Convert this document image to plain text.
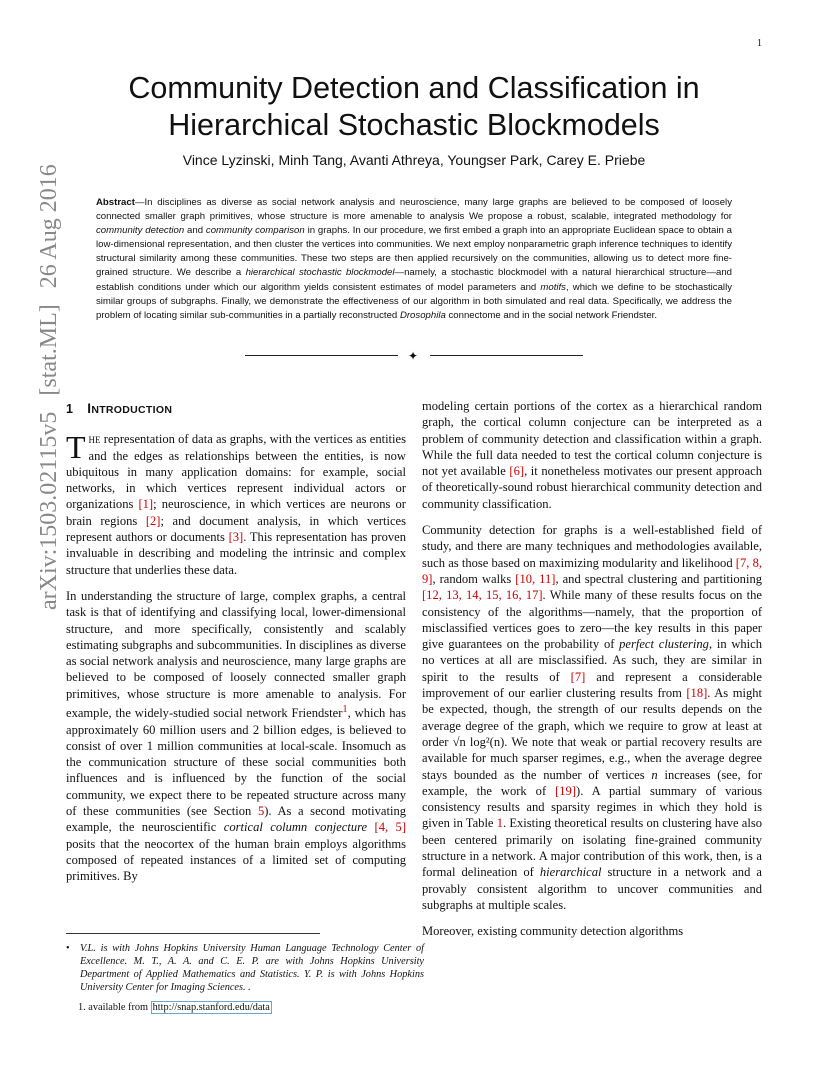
1
arXiv:1503.02115v5 [stat.ML] 26 Aug 2016
Community Detection and Classification in
Hierarchical Stochastic Blockmodels
Vince Lyzinski, Minh Tang, Avanti Athreya, Youngser Park, Carey E. Priebe

Abstract—In disciplines as diverse as social network analysis and neuroscience, many large graphs are believed to be composed of loosely connected smaller graph primitives, whose structure is more amenable to analysis We propose a robust, scalable, integrated methodology for community detection and community comparison in graphs. In our procedure, we first embed a graph into an appropriate Euclidean space to obtain a low-dimensional representation, and then cluster the vertices into communities. We next employ nonparametric graph inference techniques to identify structural similarity among these communities. These two steps are then applied recursively on the communities, allowing us to detect more fine-grained structure. We describe a hierarchical stochastic blockmodel—namely, a stochastic blockmodel with a natural hierarchical structure—and establish conditions under which our algorithm yields consistent estimates of model parameters and motifs, which we define to be stochastically similar groups of subgraphs. Finally, we demonstrate the effectiveness of our algorithm in both simulated and real data. Specifically, we address the problem of locating similar sub-communities in a partially reconstructed Drosophila connectome and in the social network Friendster.

✦
1 INTRODUCTION

The representation of data as graphs, with the vertices as entities and the edges as relationships between the entities, is now ubiquitous in many application domains: for example, social networks, in which vertices represent individual actors or organizations [1]; neuroscience, in which vertices are neurons or brain regions [2]; and document analysis, in which vertices represent authors or documents [3]. This representation has proven invaluable in describing and modeling the intrinsic and complex structure that underlies these data.

In understanding the structure of large, complex graphs, a central task is that of identifying and classifying local, lower-dimensional structure, and more specifically, consistently and scalably estimating subgraphs and subcommunities. In disciplines as diverse as social network analysis and neuroscience, many large graphs are believed to be composed of loosely connected smaller graph primitives, whose structure is more amenable to analysis. For example, the widely-studied social network Friendster$^1$, which has approximately 60 million users and 2 billion edges, is believed to consist of over 1 million communities at local-scale. Insomuch as the communication structure of these social communities both influences and is influenced by the function of the social community, we expect there to be repeated structure across many of these communities (see Section 5). As a second motivating example, the neuroscientific cortical column conjecture [4, 5] posits that the neocortex of the human brain employs algorithms composed of repeated instances of a limited set of computing primitives. By

modeling certain portions of the cortex as a hierarchical random graph, the cortical column conjecture can be interpreted as a problem of community detection and classification within a graph. While the full data needed to test the cortical column conjecture is not yet available [6], it nonetheless motivates our present approach of theoretically-sound robust hierarchical community detection and community classification.

Community detection for graphs is a well-established field of study, and there are many techniques and methodologies available, such as those based on maximizing modularity and likelihood [7, 8, 9], random walks [10, 11], and spectral clustering and partitioning [12, 13, 14, 15, 16, 17]. While many of these results focus on the consistency of the algorithms—namely, that the proportion of misclassified vertices goes to zero—the key results in this paper give guarantees on the probability of perfect clustering, in which no vertices at all are misclassified. As such, they are similar in spirit to the results of [7] and represent a considerable improvement of our earlier clustering results from [18]. As might be expected, though, the strength of our results depends on the average degree of the graph, which we require to grow at least at order √n log²(n). We note that weak or partial recovery results are available for much sparser regimes, e.g., when the average degree stays bounded as the number of vertices n increases (see, for example, the work of [19]). A partial summary of various consistency results and sparsity regimes in which they hold is given in Table 1. Existing theoretical results on clustering have also been centered primarily on isolating fine-grained community structure in a network. A major contribution of this work, then, is a formal delineation of hierarchical structure in a network and a provably consistent algorithm to uncover communities and subgraphs at multiple scales.

Moreover, existing community detection algorithms

• V.L. is with Johns Hopkins University Human Language Technology Center of Excellence. M. T., A. A. and C. E. P. are with Johns Hopkins University Department of Applied Mathematics and Statistics. Y. P. is with Johns Hopkins University Center for Imaging Sciences. .

1. available from http://snap.stanford.edu/data
